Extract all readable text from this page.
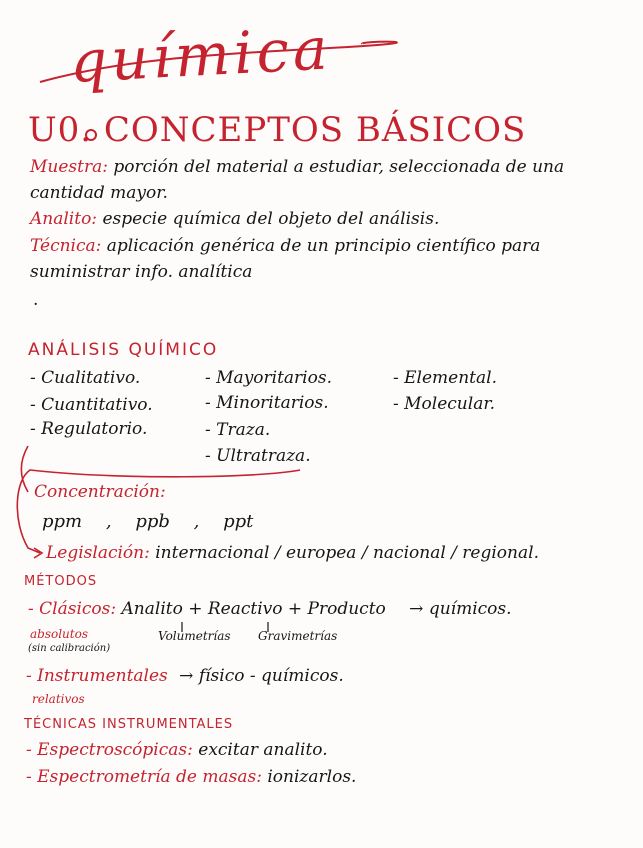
química
U0. CONCEPTOS BÁSICOS
Muestra: porción del material a estudiar, seleccionada de una
cantidad mayor.
Analito: especie química del objeto del análisis.
Técnica: aplicación genérica de un principio científico para
suministrar info. analítica
.
ANÁLISIS QUÍMICO
- Cualitativo.
- Cuantitativo.
- Regulatorio.
- Mayoritarios.
- Minoritarios.
- Traza.
- Ultratraza.
- Elemental.
- Molecular.
Concentración:
ppm , ppb , ppt
Legislación: internacional / europea / nacional / regional.
MÉTODOS
- Clásicos: Analito + Reactivo + Producto → químicos.
absolutos
(sin calibración)
Volumetrías Gravimetrías
- Instrumentales → físico - químicos.
relativos
TÉCNICAS INSTRUMENTALES
- Espectroscópicas: excitar analito.
- Espectrometría de masas: ionizarlos.
